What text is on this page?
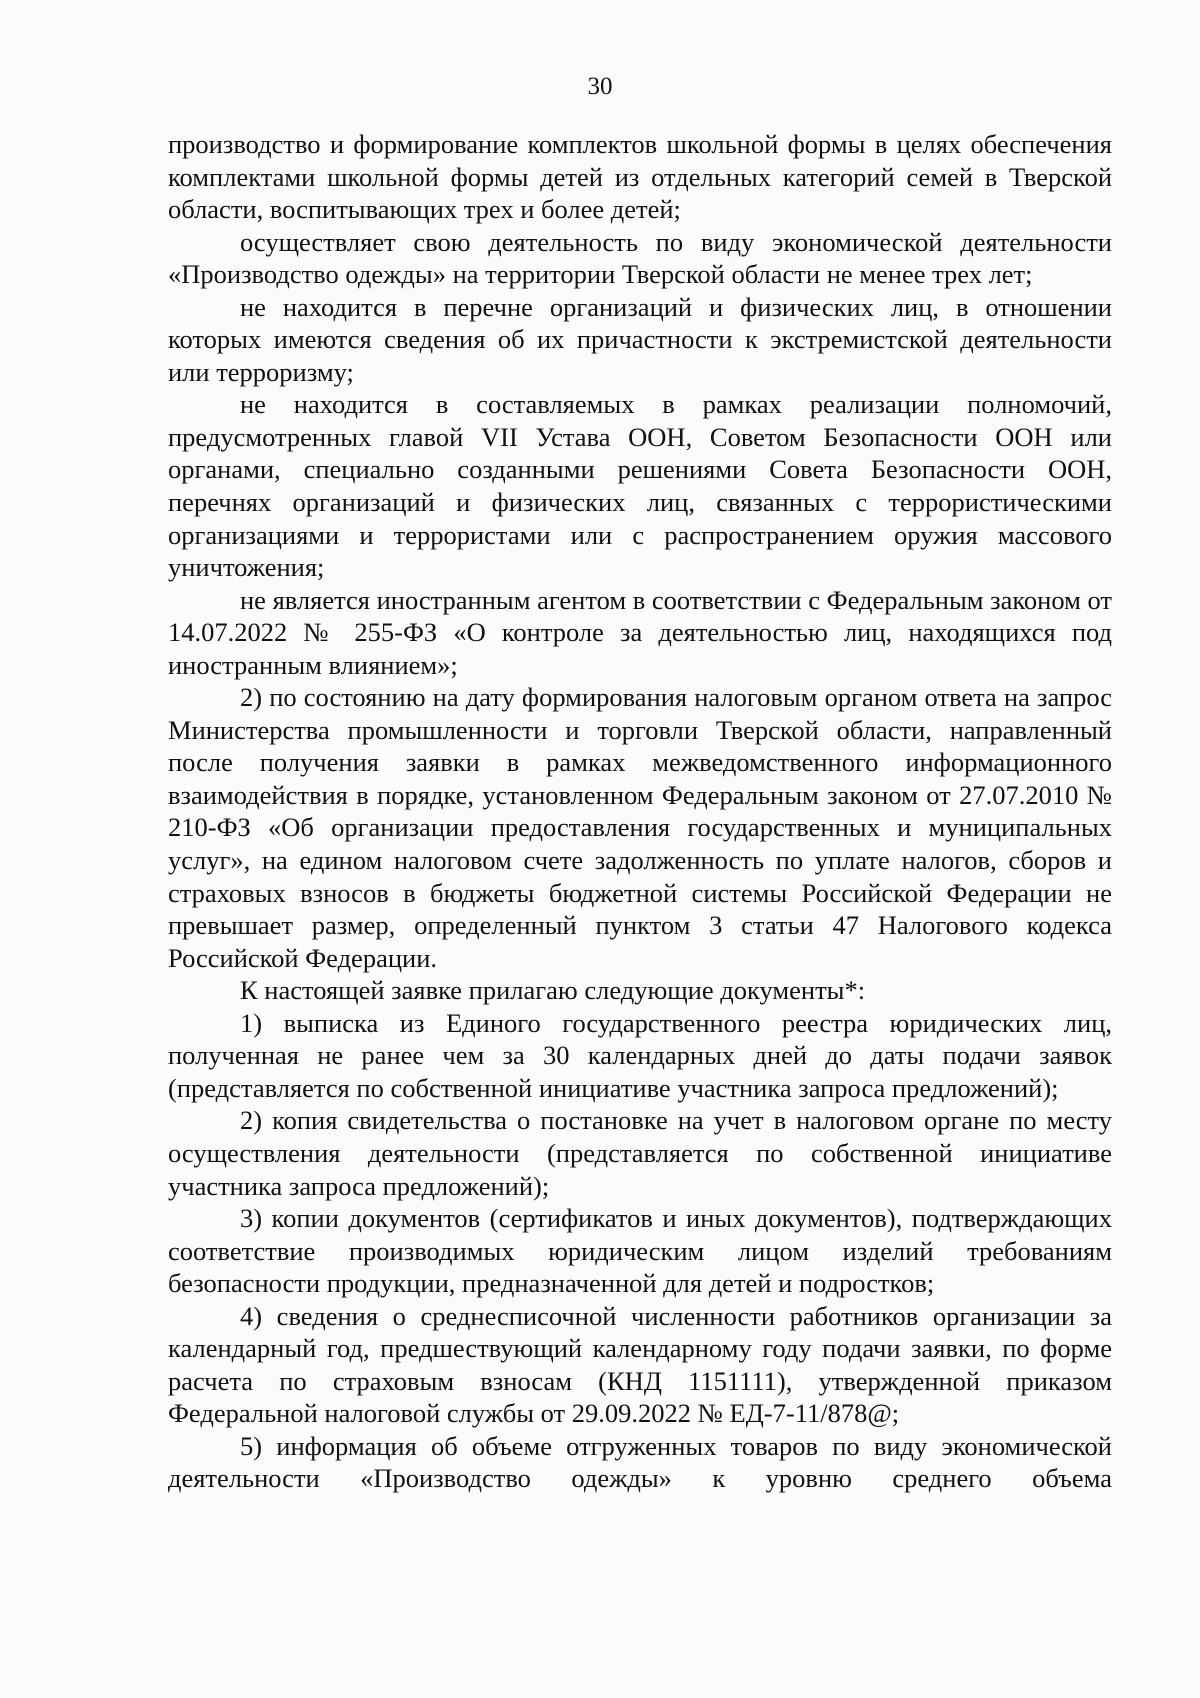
30

производство и формирование комплектов школьной формы в целях обеспечения комплектами школьной формы детей из отдельных категорий семей в Тверской области, воспитывающих трех и более детей;

осуществляет свою деятельность по виду экономической деятельности «Производство одежды» на территории Тверской области не менее трех лет;

не находится в перечне организаций и физических лиц, в отношении которых имеются сведения об их причастности к экстремистской деятельности или терроризму;

не находится в составляемых в рамках реализации полномочий, предусмотренных главой VII Устава ООН, Советом Безопасности ООН или органами, специально созданными решениями Совета Безопасности ООН, перечнях организаций и физических лиц, связанных с террористическими организациями и террористами или с распространением оружия массового уничтожения;

не является иностранным агентом в соответствии с Федеральным законом от 14.07.2022 № 255-ФЗ «О контроле за деятельностью лиц, находящихся под иностранным влиянием»;

2) по состоянию на дату формирования налоговым органом ответа на запрос Министерства промышленности и торговли Тверской области, направленный после получения заявки в рамках межведомственного информационного взаимодействия в порядке, установленном Федеральным законом от 27.07.2010 № 210-ФЗ «Об организации предоставления государственных и муниципальных услуг», на едином налоговом счете задолженность по уплате налогов, сборов и страховых взносов в бюджеты бюджетной системы Российской Федерации не превышает размер, определенный пунктом 3 статьи 47 Налогового кодекса Российской Федерации.

К настоящей заявке прилагаю следующие документы*:

1) выписка из Единого государственного реестра юридических лиц, полученная не ранее чем за 30 календарных дней до даты подачи заявок (представляется по собственной инициативе участника запроса предложений);

2) копия свидетельства о постановке на учет в налоговом органе по месту осуществления деятельности (представляется по собственной инициативе участника запроса предложений);

3) копии документов (сертификатов и иных документов), подтверждающих соответствие производимых юридическим лицом изделий требованиям безопасности продукции, предназначенной для детей и подростков;

4) сведения о среднесписочной численности работников организации за календарный год, предшествующий календарному году подачи заявки, по форме расчета по страховым взносам (КНД 1151111), утвержденной приказом Федеральной налоговой службы от 29.09.2022 № ЕД-7-11/878@;

5) информация об объеме отгруженных товаров по виду экономической деятельности «Производство одежды» к уровню среднего объема
